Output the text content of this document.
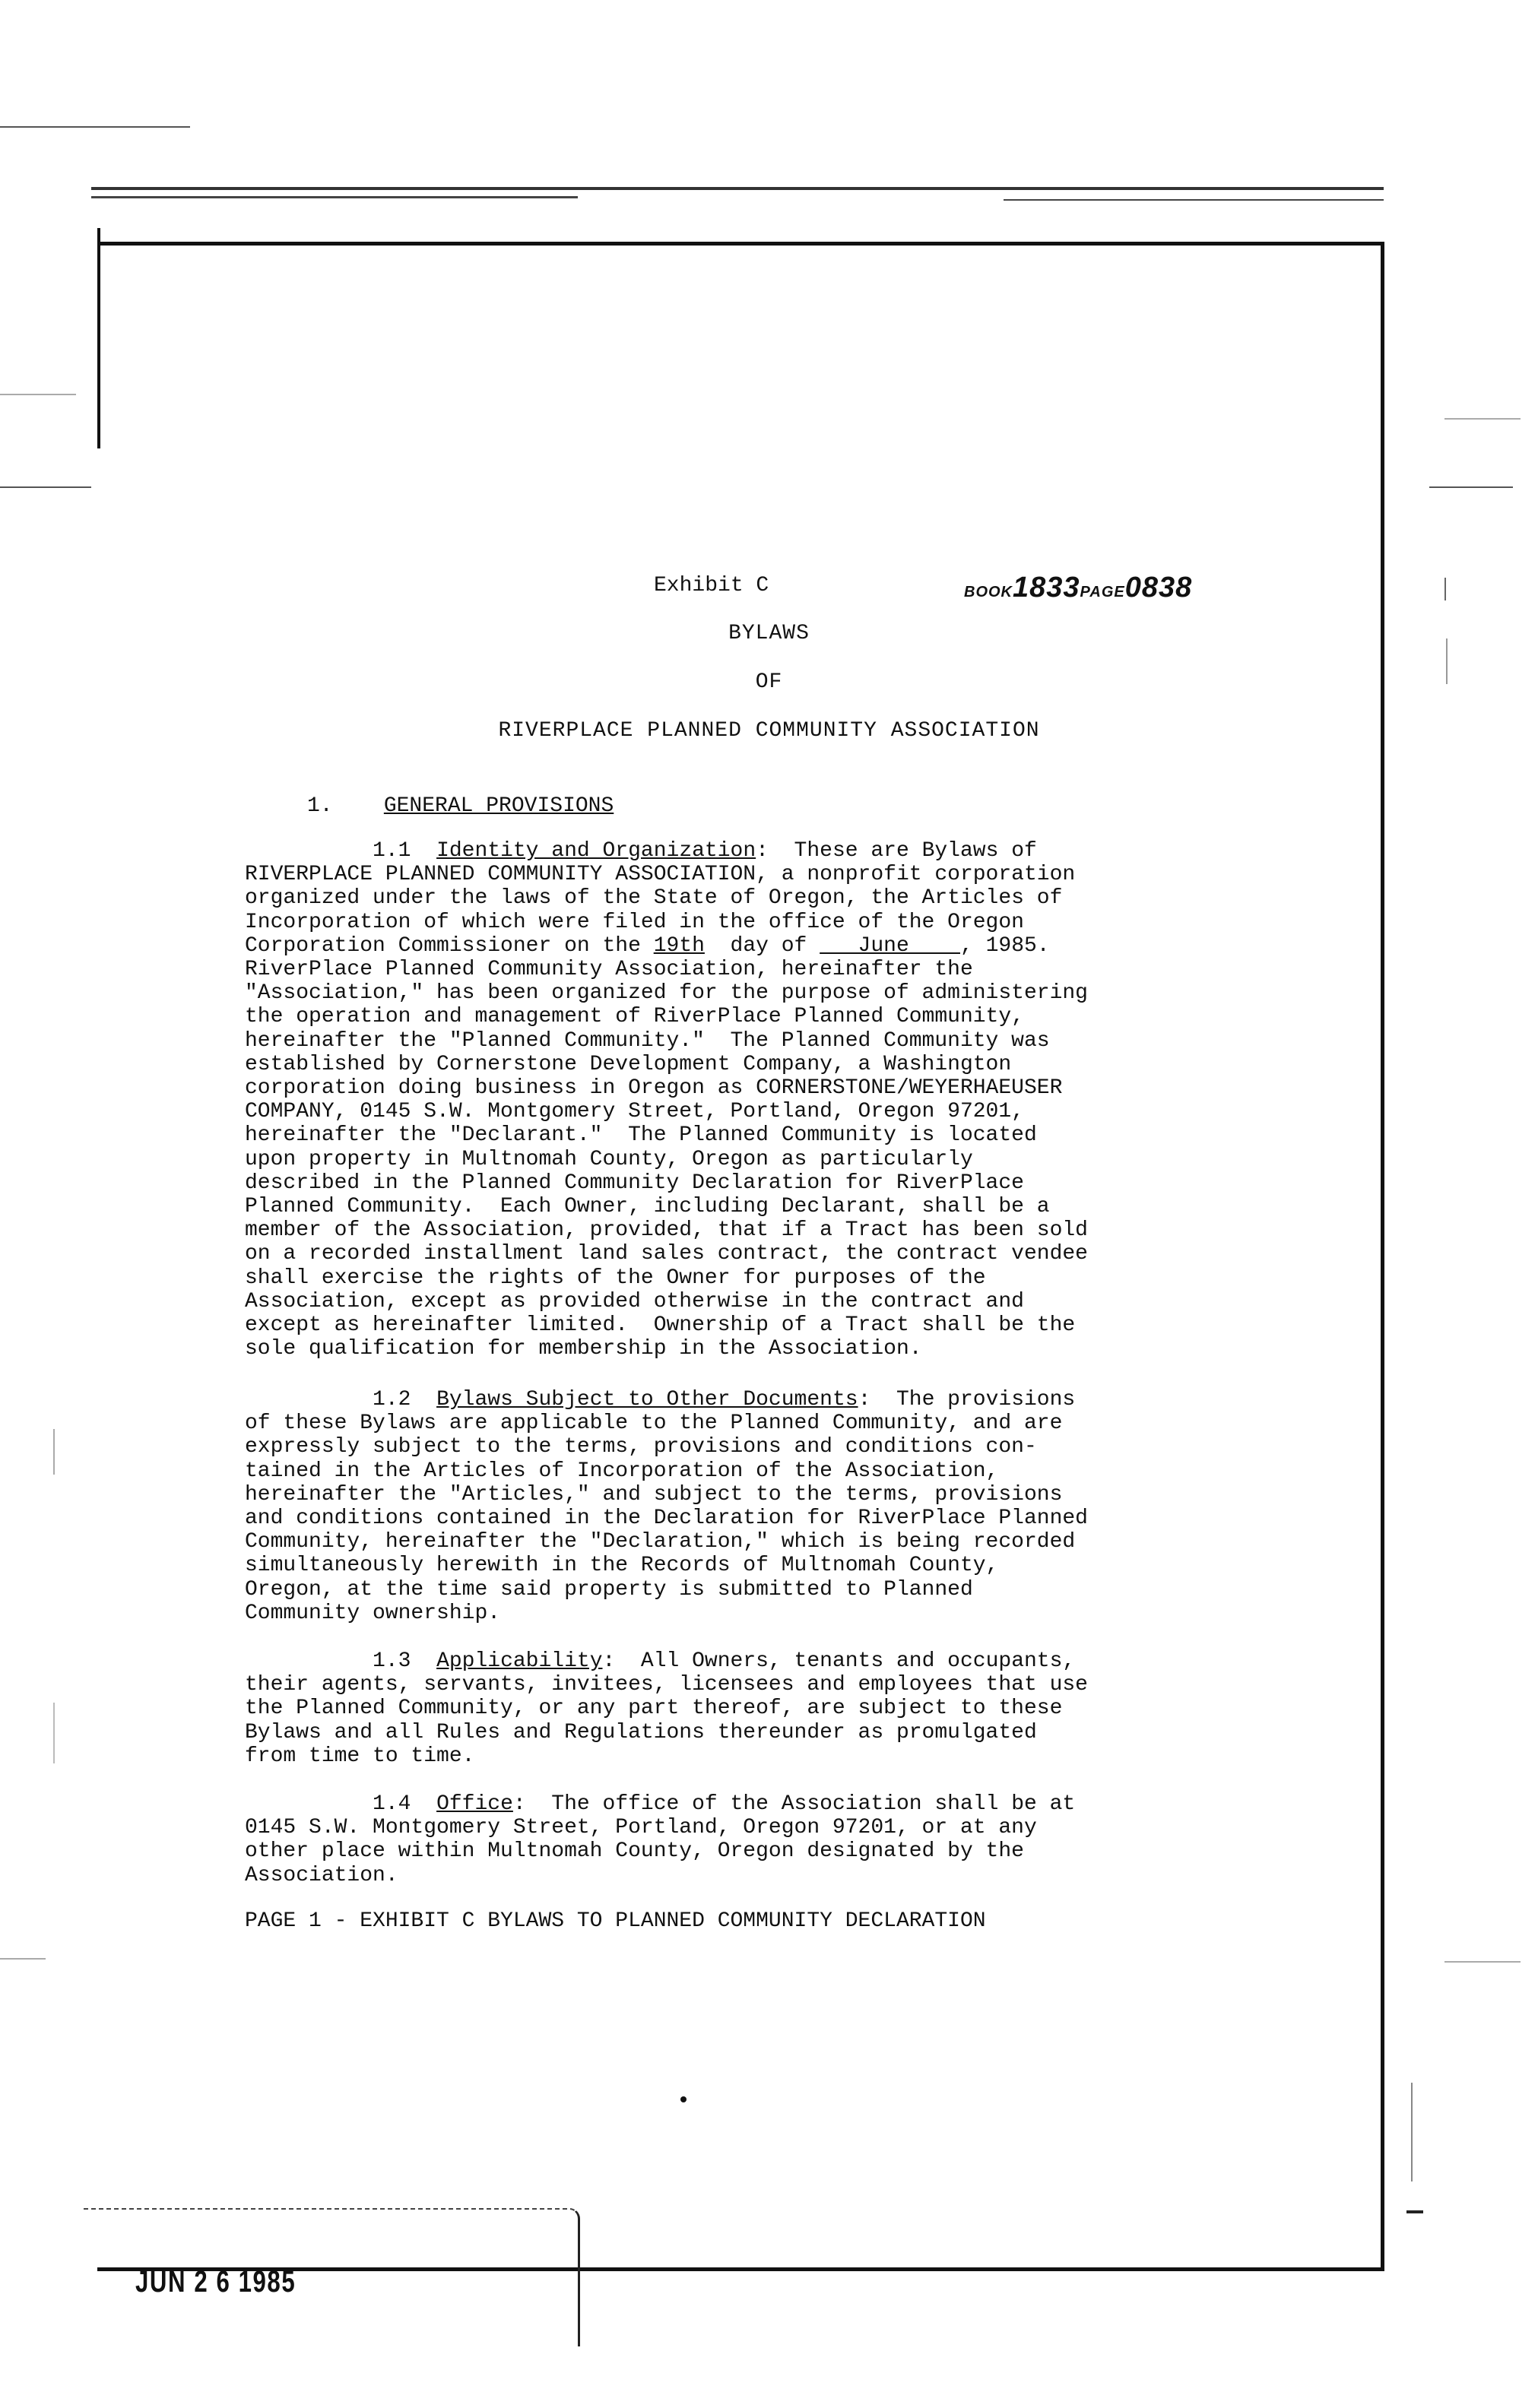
Exhibit C	BOOK1833PAGE0838
BYLAWS
OF
RIVERPLACE PLANNED COMMUNITY ASSOCIATION
1. GENERAL PROVISIONS
1.1 Identity and Organization:  These are Bylaws of
RIVERPLACE PLANNED COMMUNITY ASSOCIATION, a nonprofit corporation
organized under the laws of the State of Oregon, the Articles of
Incorporation of which were filed in the office of the Oregon
Corporation Commissioner on the 19th  day of    June    , 1985.
RiverPlace Planned Community Association, hereinafter the
"Association," has been organized for the purpose of administering
the operation and management of RiverPlace Planned Community,
hereinafter the "Planned Community."  The Planned Community was
established by Cornerstone Development Company, a Washington
corporation doing business in Oregon as CORNERSTONE/WEYERHAEUSER
COMPANY, 0145 S.W. Montgomery Street, Portland, Oregon 97201,
hereinafter the "Declarant."  The Planned Community is located
upon property in Multnomah County, Oregon as particularly
described in the Planned Community Declaration for RiverPlace
Planned Community.  Each Owner, including Declarant, shall be a
member of the Association, provided, that if a Tract has been sold
on a recorded installment land sales contract, the contract vendee
shall exercise the rights of the Owner for purposes of the
Association, except as provided otherwise in the contract and
except as hereinafter limited.  Ownership of a Tract shall be the
sole qualification for membership in the Association.
1.2 Bylaws Subject to Other Documents:  The provisions
of these Bylaws are applicable to the Planned Community, and are
expressly subject to the terms, provisions and conditions con-
tained in the Articles of Incorporation of the Association,
hereinafter the "Articles," and subject to the terms, provisions
and conditions contained in the Declaration for RiverPlace Planned
Community, hereinafter the "Declaration," which is being recorded
simultaneously herewith in the Records of Multnomah County,
Oregon, at the time said property is submitted to Planned
Community ownership.
1.3 Applicability:  All Owners, tenants and occupants,
their agents, servants, invitees, licensees and employees that use
the Planned Community, or any part thereof, are subject to these
Bylaws and all Rules and Regulations thereunder as promulgated
from time to time.
1.4 Office:  The office of the Association shall be at
0145 S.W. Montgomery Street, Portland, Oregon 97201, or at any
other place within Multnomah County, Oregon designated by the
Association.
PAGE 1 - EXHIBIT C BYLAWS TO PLANNED COMMUNITY DECLARATION
JUN 2 6 1985
